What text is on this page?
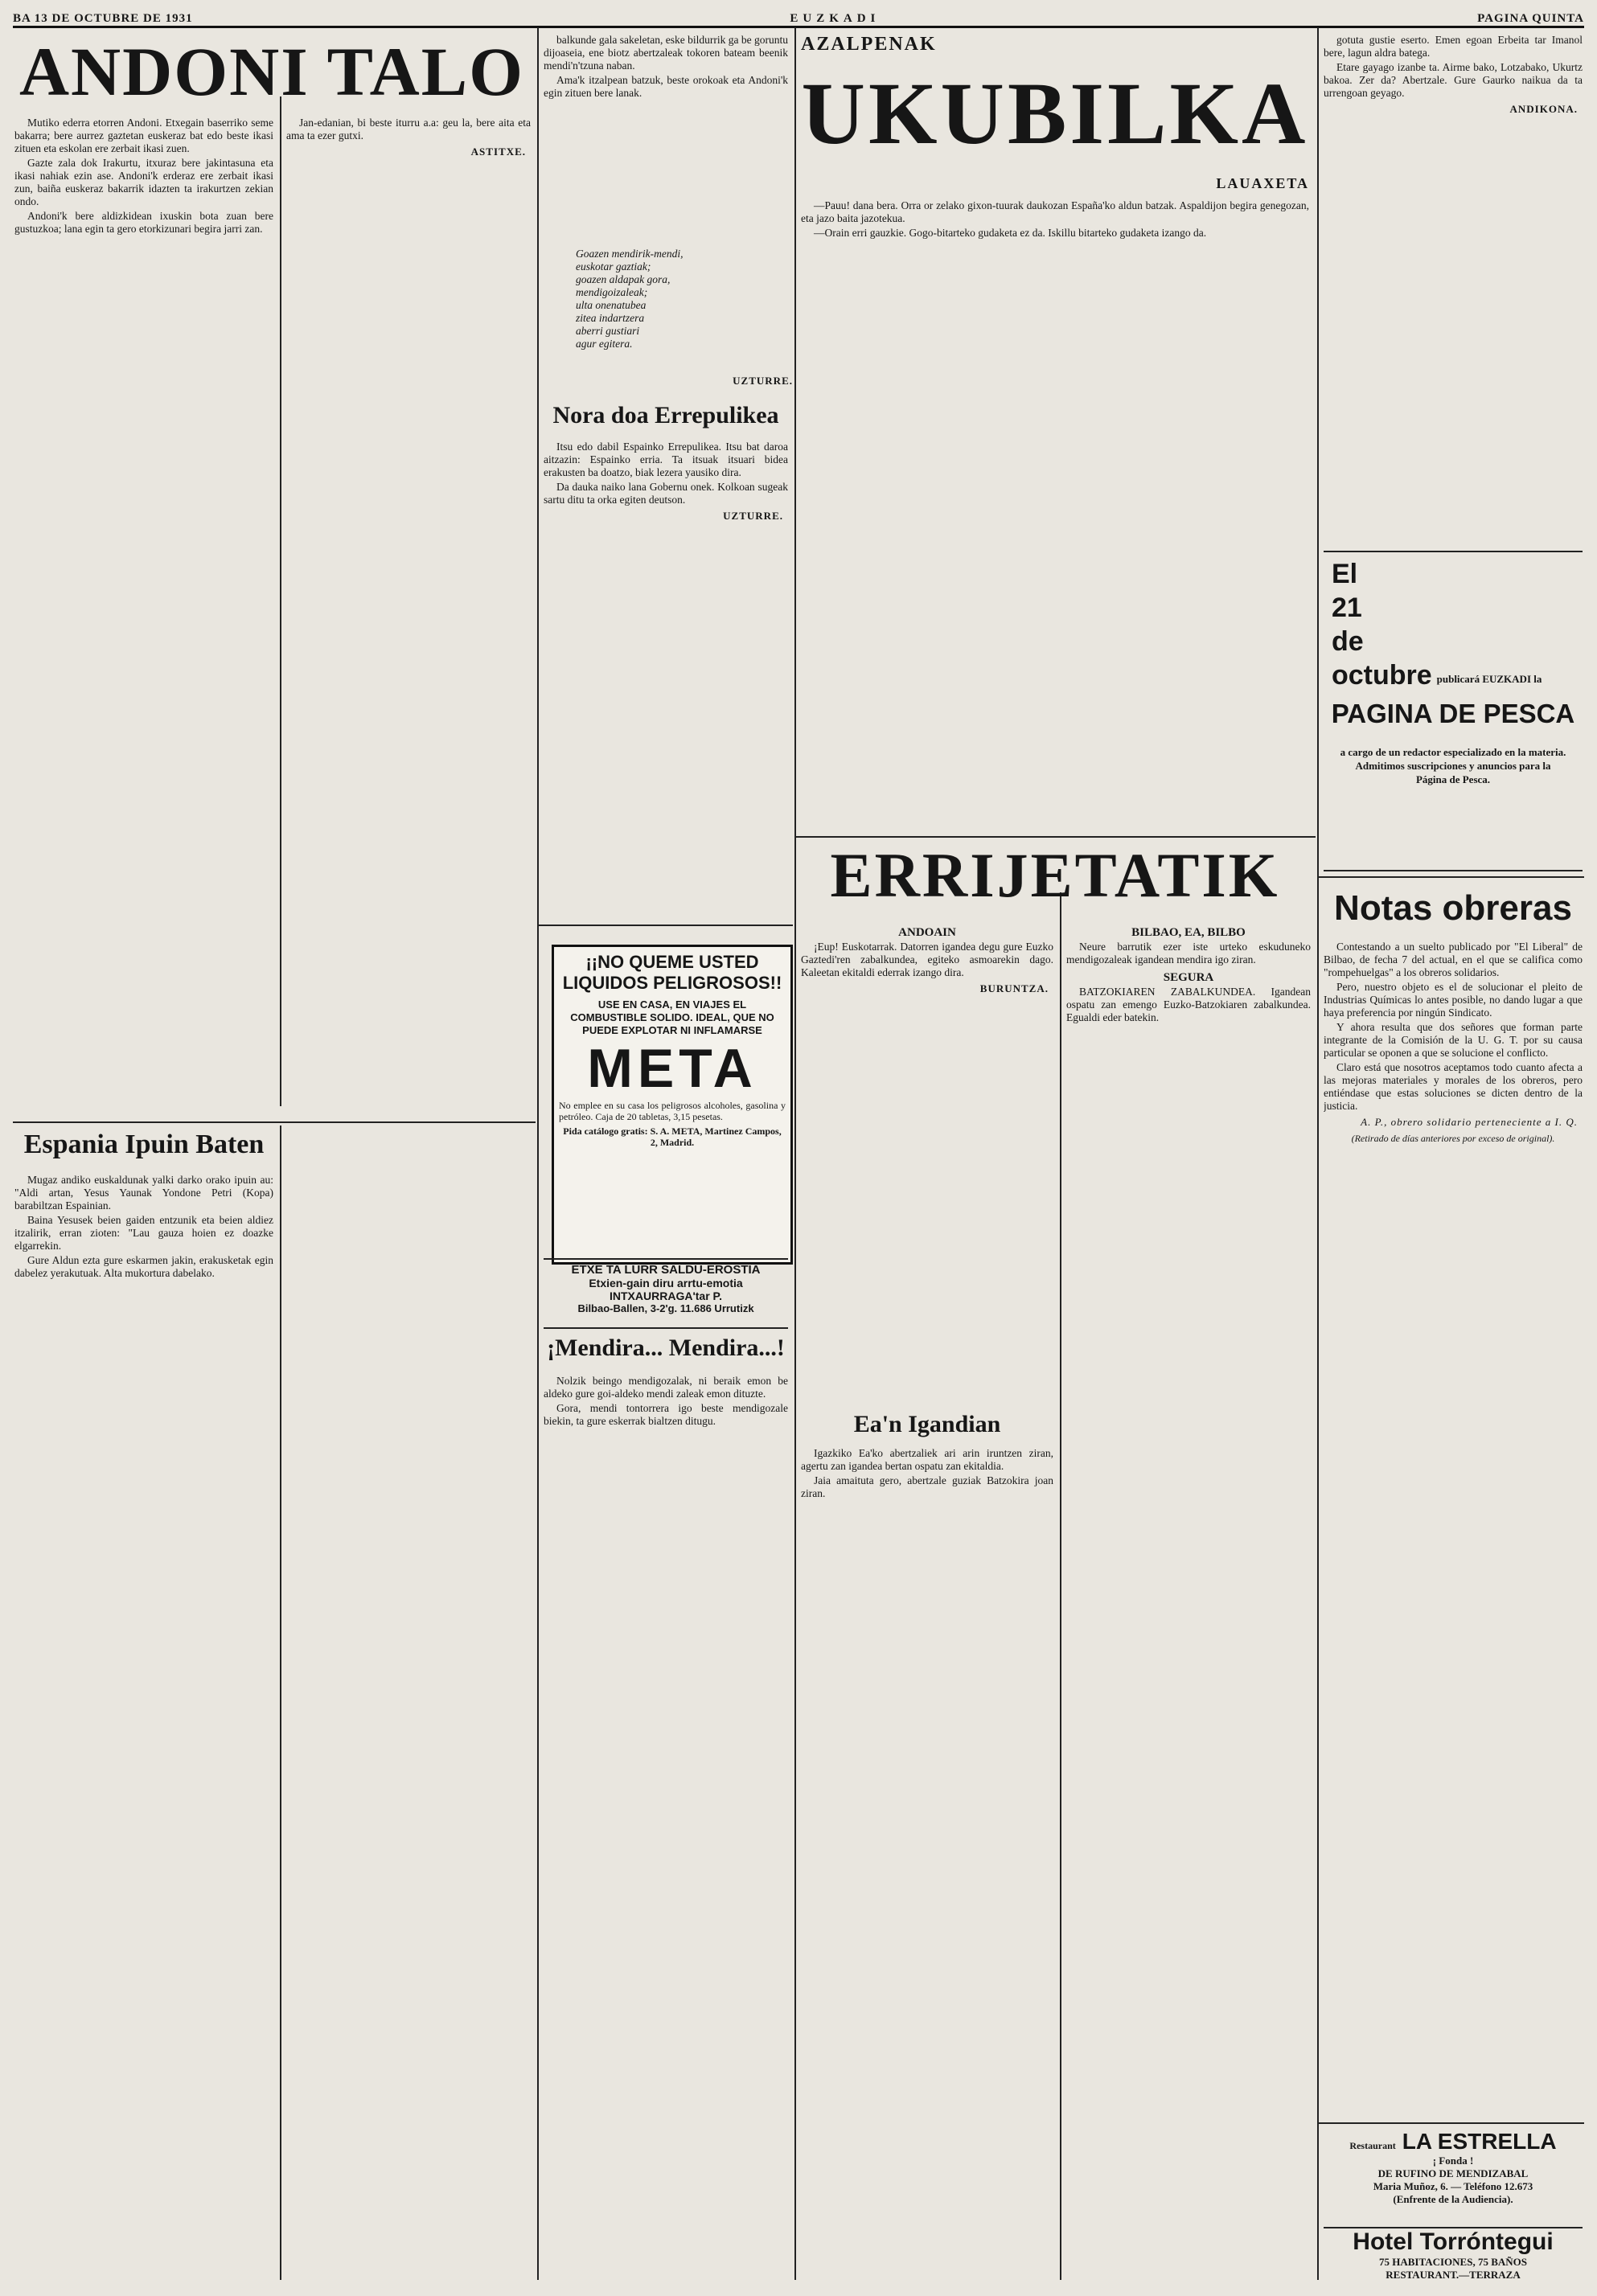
BA 13 DE OCTUBRE DE 1931	EUZKADI	PAGINA QUINTA
ANDONI TALO

Mutiko ederra etorren Andoni. Etxegain baserriko seme bakarra; bere aurrez gaztetan euskeraz bat edo beste ikasi zituen eta eskolan ere zerbait ikasi zuen.

Gazte zala dok Irakurtu, itxuraz bere jakintasuna eta ikasi nahiak ezin ase. Andoni'k erderaz ere zerbait ikasi zun, baiña euskeraz bakarrik idazten ta irakurtzen zekian ondo.

Andoni'k bere aldizkidean ixuskin bota zuan bere gustuzkoa; lana egin ta gero etorkizunari begira jarri zan.

Jan-edanian, bi beste iturru a.a: geu la, bere aita eta ama ta ezer gutxi.

ASTITXE.
Espania Ipuin Baten

Mugaz andiko euskaldunak yalki darko orako ipuin au: "Aldi artan, Yesus Yaunak Yondone Petri (Kopa) barabiltzan Espainian.

Baina Yesusek beien gaiden entzunik eta beien aldiez itzalirik, erran zioten: "Lau gauza hoien ez doazke elgarrekin.

Gure Aldun ezta gure eskarmen jakin, erakusketak egin dabelez yerakutuak. Alta mukortura dabelako.

balkunde gala sakeletan, eske bildurrik ga be goruntu dijoaseia, ene biotz abertzaleak tokoren bateam beenik mendi'n'tzuna naban.

Ama'k itzalpean batzuk, beste orokoak eta Andoni'k egin zituen bere lanak.

Goazen mendirik-mendi,
euskotar gaztiak;
goazen aldapak gora,
mendigoizaleak;
ulta onenatubea
zitea indartzera
aberri gustiari
agur egitera.
UZTURRE.
Nora doa Errepulikea

Itsu edo dabil Espainko Errepulikea. Itsu bat daroa aitzazin: Espainko erria. Ta itsuak itsuari bidea erakusten ba doatzo, biak lezera yausiko dira.

Da dauka naiko lana Gobernu onek. Kolkoan sugeak sartu ditu ta orka egiten deutson.

UZTURRE.
¡¡NO QUEME USTED LIQUIDOS PELIGROSOS!!
USE EN CASA, EN VIAJES EL COMBUSTIBLE SOLIDO. IDEAL, QUE NO PUEDE EXPLOTAR NI INFLAMARSE
META
No emplee en su casa los peligrosos alcoholes, gasolina y petróleo. Caja de 20 tabletas, 3,15 pesetas.
Pida catálogo gratis: S. A. META, Martinez Campos, 2, Madrid.
ETXE TA LURR SALDU-EROSTIA
Etxien-gain diru arrtu-emotia
INTXAURRAGA'tar P.
Bilbao-Ballen, 3-2'g. 11.686 Urrutizk
¡Mendira... Mendira...!

Nolzik beingo mendigozalak, ni beraik emon be aldeko gure goi-aldeko mendi zaleak emon dituzte.

Gora, mendi tontorrera igo beste mendigozale biekin, ta gure eskerrak bialtzen ditugu.

AZALPENAK
UKUBILKA
LAUAXETA

—Pauu! dana bera. Orra or zelako gixon-tuurak daukozan España'ko aldun batzak. Aspaldijon begira genegozan, eta jazo baita jazotekua.

—Orain erri gauzkie. Gogo-bitarteko gudaketa ez da. Iskillu bitarteko gudaketa izango da.

ERRIJETATIK
ANDOAIN

¡Eup! Euskotarrak. Datorren igandea degu gure Euzko Gaztedi'ren zabalkundea, egiteko asmoarekin dago. Kaleetan ekitaldi ederrak izango dira.

BURUNTZA.
BILBAO, EA, BILBO

Neure barrutik ezer iste urteko eskuduneko mendigozaleak igandean mendira igo ziran.

SEGURA

BATZOKIAREN ZABALKUNDEA. Igandean ospatu zan emengo Euzko-Batzokiaren zabalkundea. Egualdi eder batekin.

Ea'n Igandian

Igazkiko Ea'ko abertzaliek ari arin iruntzen ziran, agertu zan igandea bertan ospatu zan ekitaldia.

Jaia amaituta gero, abertzale guziak Batzokira joan ziran.

gotuta gustie eserto. Emen egoan Erbeita tar Imanol bere, lagun aldra batega.

Etare gayago izanbe ta. Airme bako, Lotzabako, Ukurtz bakoa. Zer da? Abertzale. Gure Gaurko naikua da ta urrengoan geyago.

ANDIKONA.
El
21
de
octubre publicará EUZKADI la
PAGINA DE PESCA
a cargo de un redactor especializado en la materia. Admitimos suscripciones y anuncios para la Página de Pesca.
Notas obreras

Contestando a un suelto publicado por "El Liberal" de Bilbao, de fecha 7 del actual, en el que se califica como "rompehuelgas" a los obreros solidarios.

Pero, nuestro objeto es el de solucionar el pleito de Industrias Químicas lo antes posible, no dando lugar a que haya preferencia por ningún Sindicato.

Y ahora resulta que dos señores que forman parte integrante de la Comisión de la U. G. T. por su causa particular se oponen a que se solucione el conflicto.

Claro está que nosotros aceptamos todo cuanto afecta a las mejoras materiales y morales de los obreros, pero entiéndase que estas soluciones se dicten dentro de la justicia.

A. P., obrero solidario perteneciente a I. Q.
(Retirado de días anteriores por exceso de original).
Restaurant LA ESTRELLA
¡ Fonda !
DE RUFINO DE MENDIZABAL
Maria Muñoz, 6. — Teléfono 12.673
(Enfrente de la Audiencia).
Hotel Torróntegui
75 HABITACIONES, 75 BAÑOS
RESTAURANT.—TERRAZA
